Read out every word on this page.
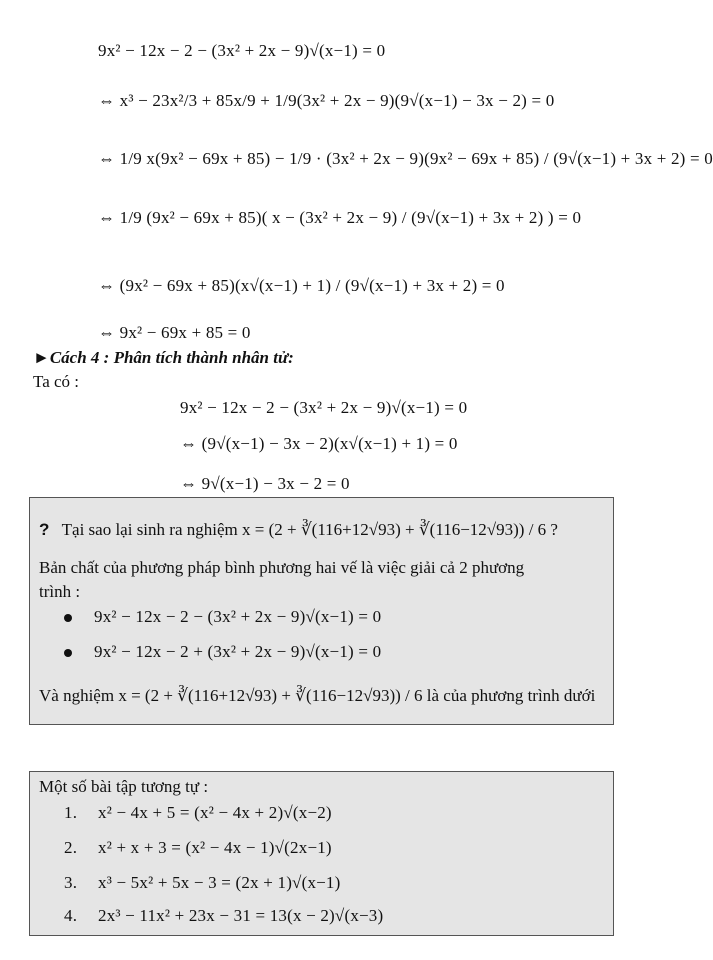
9x² − 12x − 2 − (3x² + 2x − 9)√(x−1) = 0
⇔ x³ − 23x²/3 + 85x/9 + 1/9(3x² + 2x − 9)(9√(x−1) − 3x − 2) = 0
⇔ 1/9 x(9x² − 69x + 85) − 1/9 · (3x² + 2x − 9)(9x² − 69x + 85) / (9√(x−1) + 3x + 2) = 0
⇔ 1/9 (9x² − 69x + 85)( x − (3x² + 2x − 9) / (9√(x−1) + 3x + 2) ) = 0
⇔ (9x² − 69x + 85)(x√(x−1) + 1) / (9√(x−1) + 3x + 2) = 0
⇔ 9x² − 69x + 85 = 0
►Cách 4 : Phân tích thành nhân tử:
Ta có :
9x² − 12x − 2 − (3x² + 2x − 9)√(x−1) = 0
⇔ (9√(x−1) − 3x − 2)(x√(x−1) + 1) = 0
⇔ 9√(x−1) − 3x − 2 = 0
? Tại sao lại sinh ra nghiệm x = (2 + ∛(116+12√93) + ∛(116−12√93)) / 6 ?
Bản chất của phương pháp bình phương hai vế là việc giải cả 2 phương
trình :
9x² − 12x − 2 − (3x² + 2x − 9)√(x−1) = 0
9x² − 12x − 2 + (3x² + 2x − 9)√(x−1) = 0
Và nghiệm x = (2 + ∛(116+12√93) + ∛(116−12√93)) / 6 là của phương trình dưới
Một số bài tập tương tự :
1. x² − 4x + 5 = (x² − 4x + 2)√(x−2)
2. x² + x + 3 = (x² − 4x − 1)√(2x−1)
3. x³ − 5x² + 5x − 3 = (2x + 1)√(x−1)
4. 2x³ − 11x² + 23x − 31 = 13(x − 2)√(x−3)
